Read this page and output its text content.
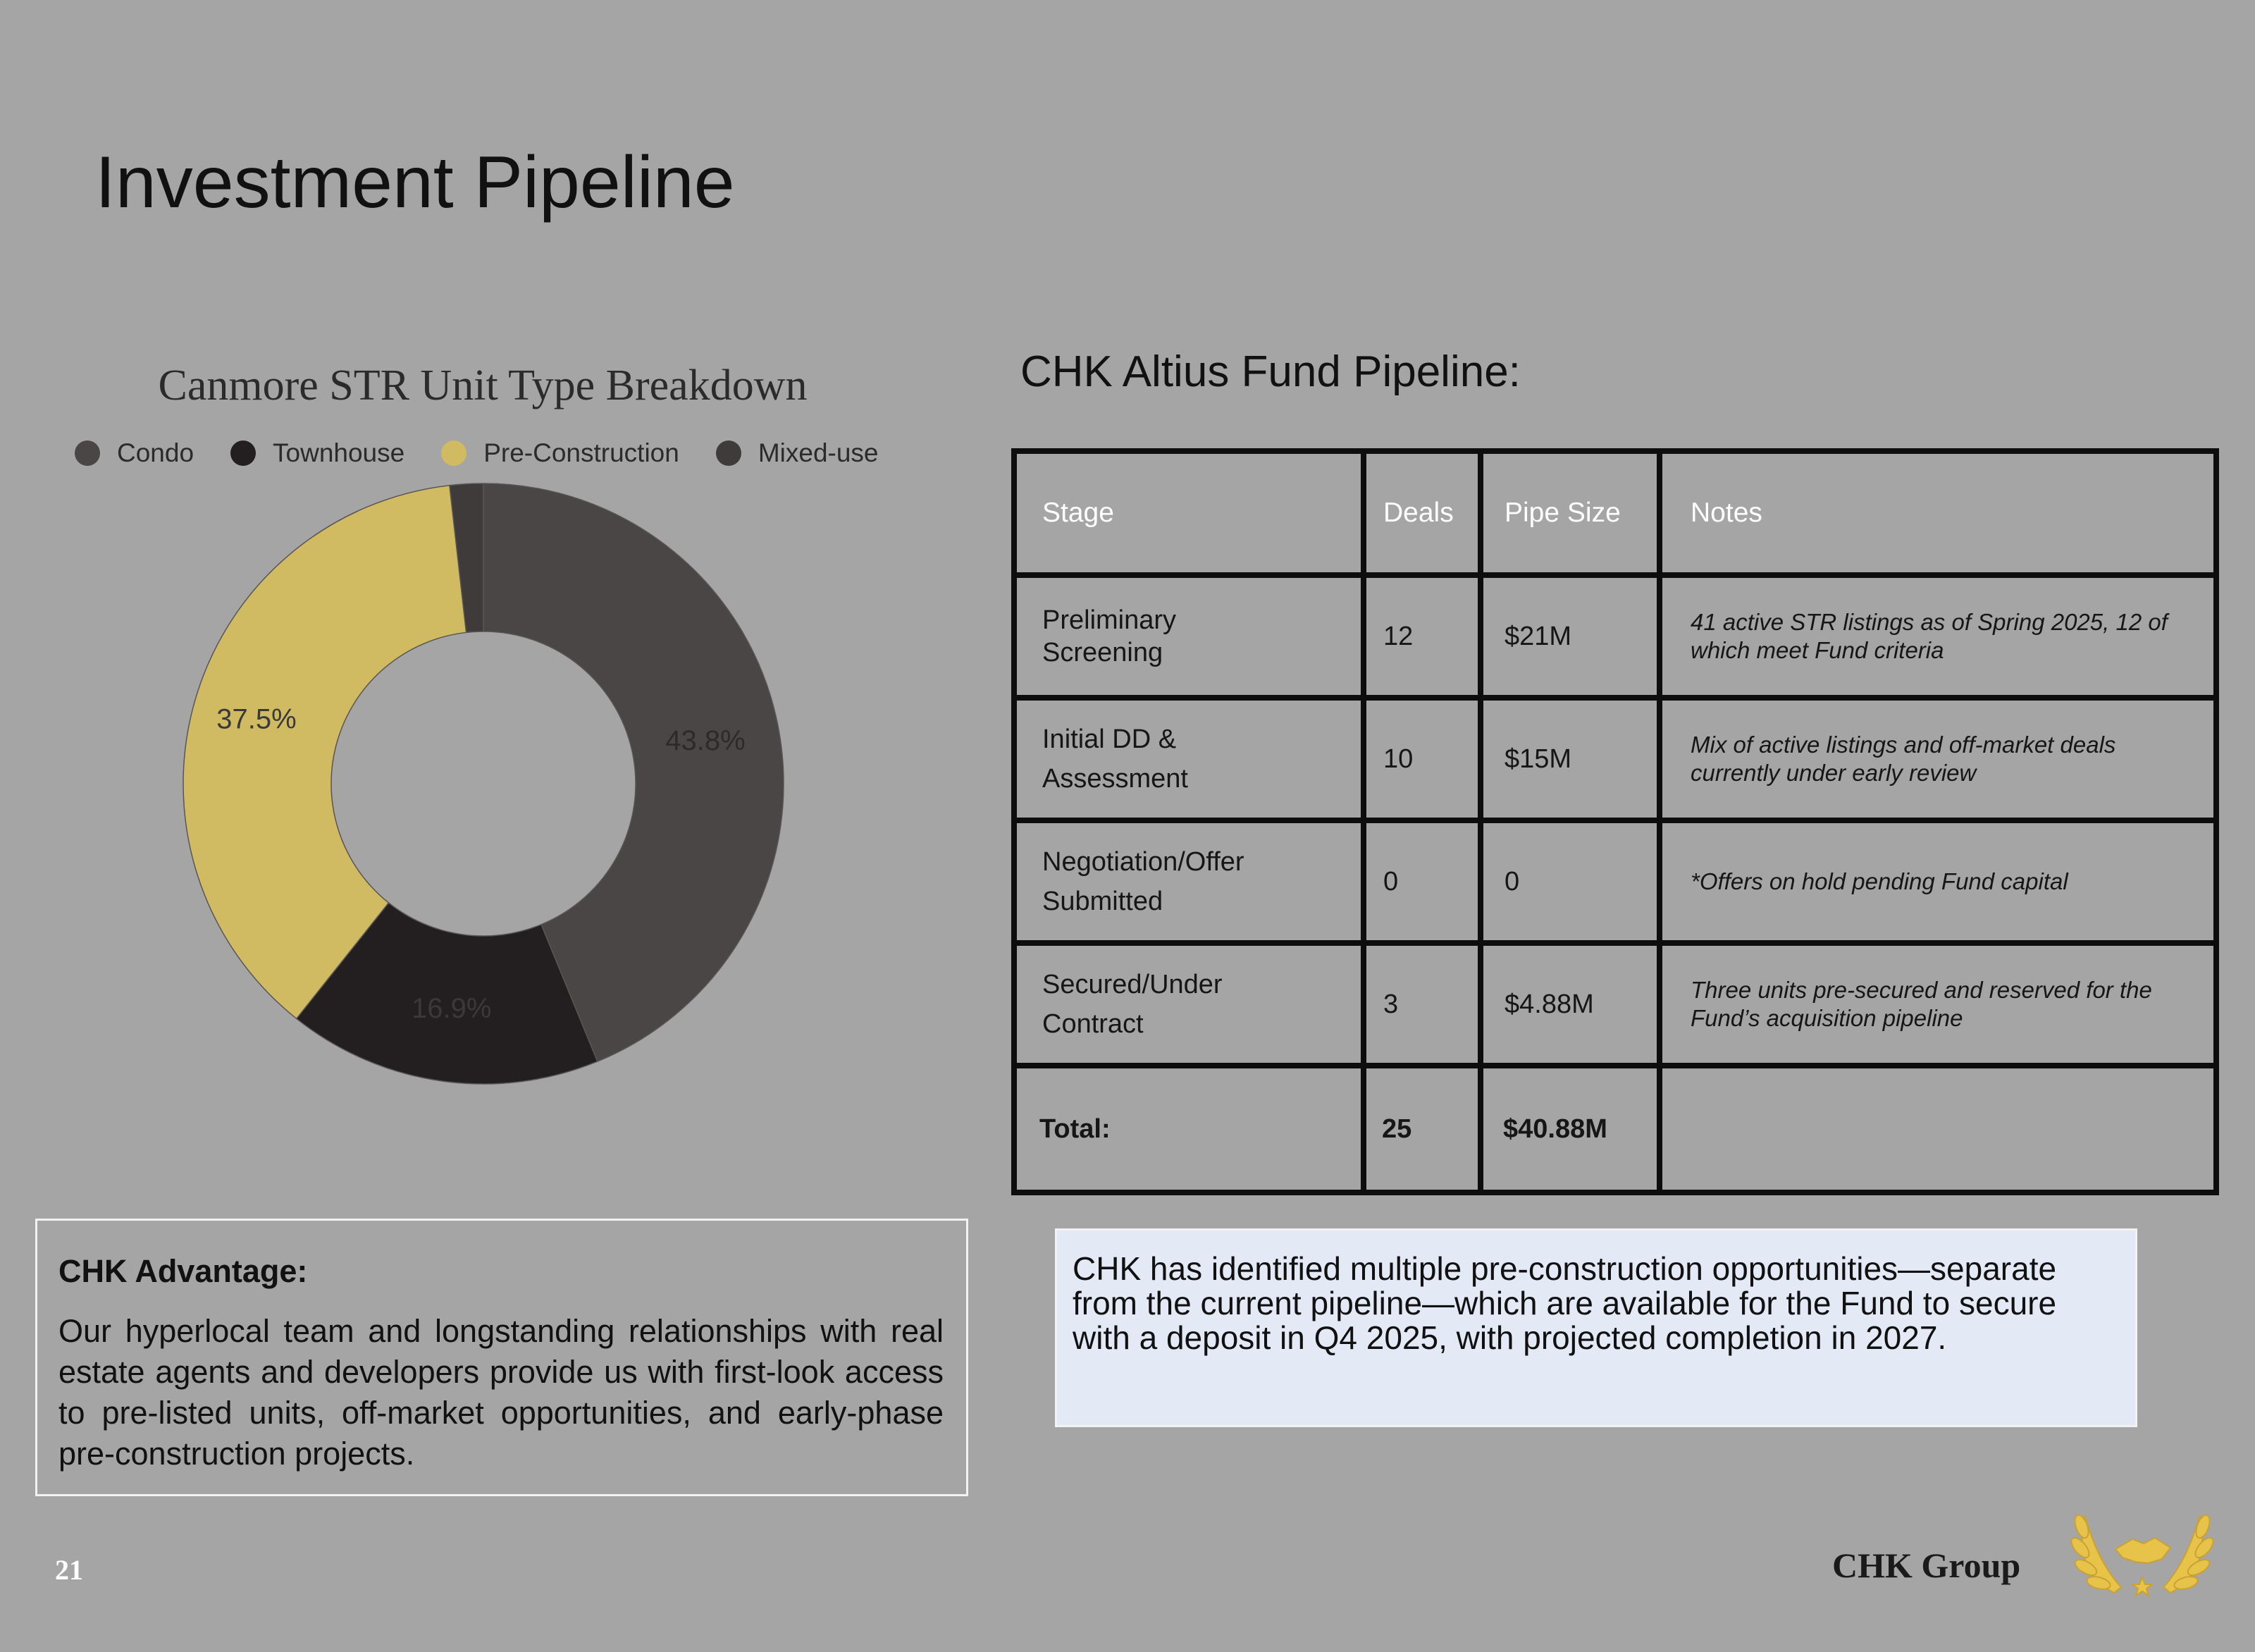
Investment Pipeline
Canmore STR Unit Type Breakdown
Condo	Townhouse	Pre-Construction	Mixed-use
43.8%
16.9%
37.5%
CHK Altius Fund Pipeline:
Stage	Deals	Pipe Size	Notes
Preliminary Screening	12	$21M	41 active STR listings as of Spring 2025, 12 of which meet Fund criteria
Initial DD & Assessment	10	$15M	Mix of active listings and off-market deals currently under early review
Negotiation/Offer Submitted	0	0	*Offers on hold pending Fund capital
Secured/Under Contract	3	$4.88M	Three units pre-secured and reserved for the Fund’s acquisition pipeline
Total:	25	$40.88M	
CHK Advantage:
Our hyperlocal team and longstanding relationships with real estate agents and developers provide us with first-look access to pre-listed units, off-market opportunities, and early-phase pre-construction projects.
CHK has identified multiple pre-construction opportunities—separate from the current pipeline—which are available for the Fund to secure with a deposit in Q4 2025, with projected completion in 2027.
21	CHK Group
